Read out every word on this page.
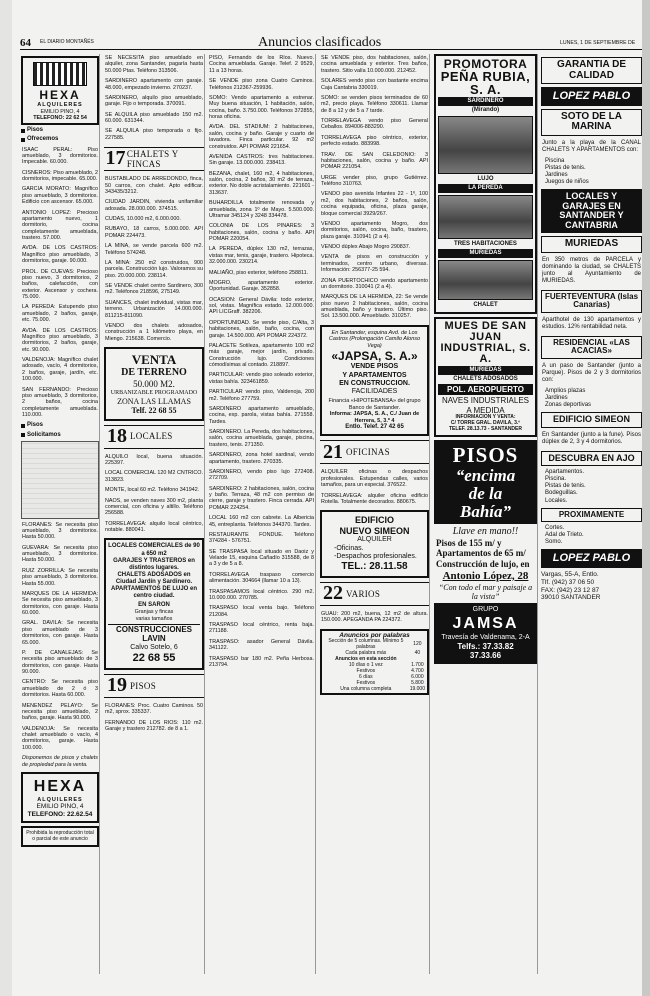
64 EL DIARIO MONTAÑÉS	Anuncios clasificados	LUNES, 1 DE SEPTIEMBRE DE
HEXA
ALQUILERES
EMILIO PINO, 4
TELEFONO: 22 62 54
Pisos
Ofrecemos
ISAAC PERAL: Piso amueblado, 3 dormitorios. Impecable. 60.000.
CISNEROS: Piso amueblado, 2 dormitorios, impecable. 65.000.
GARCIA MORATO: Magnífico piso amueblado, 3 dormitorios. Edificio con ascensor. 65.000.
ANTONIO LOPEZ: Precioso apartamento nuevo, 1 dormitorio, cocina completamente amueblada, trastero. 57.000.
AVDA. DE LOS CASTROS: Magnífico piso amueblado, 3 dormitorios, garaje. 90.000.
PROL. DE CUEVAS: Precioso piso nuevo, 3 dormitorios, 2 baños, calefacción, con exterior. Ascensor y cochera. 75.000.
LA PEREDA: Estupendo piso amueblado, 2 baños, garaje, etc. 75.000.
AVDA. DE LOS CASTROS: Magnífico piso amueblado, 3 dormitorios, 2 baños, garaje, etc. 90.000.
VALDENOJA: Magnífico chalet adosado, vacío, 4 dormitorios, 2 baños, garaje, jardín, etc. 100.000.
SAN FERNANDO: Precioso piso amueblado, 3 dormitorios, 2 baños, cocina completamente amueblada. 110.000.
Pisos
Solicitamos
FLORANES: Se necesita piso amueblado, 3 dormitorios. Hasta 50.000.
GUEVARA: Se necesita piso amueblado, 3 dormitorios. Hasta 50.000.
RUIZ ZORRILLA: Se necesita piso amueblado, 3 dormitorios. Hasta 55.000.
MARQUES DE LA HERMIDA: Se necesita piso amueblado, 3 dormitorios, con garaje. Hasta 60.000.
GRAL. DAVILA: Se necesita piso amueblado de 3 dormitorios, con garaje. Hasta 65.000.
P. DE CANALEJAS: Se necesita piso amueblado de 3 dormitorios, con garaje. Hasta 90.000.
CENTRO: Se necesita piso amueblado de 2 ó 3 dormitorios. Hasta 60.000.
MENENDEZ PELAYO: Se necesita piso amueblado, 2 baños, garaje. Hasta 90.000.
VALDENOJA: Se necesita chalet amueblado o vacío, 4 dormitorios, garaje. Hasta 100.000.
Disponemos de pisos y chalets de propiedad para la venta.
HEXA
ALQUILERES
EMILIO PINO, 4
TELEFONO: 22.62.54
Prohibida la reproducción total o parcial de este anuncio
SE NECESITA piso amueblado en alquiler, zona Santander, pagaría hasta 50.000 Ptas. Teléfono 313506.
SARDINERO apartamento con garaje. 48.000, empezado invierno. 270237.
SARDINERO, alquilo piso amueblado, garaje. Fijo o temporada. 370091.
SE ALQUILA piso amueblado 150 m2. 60.000. 631344.
SE ALQUILA piso temporada o fijo. 227585.
17 CHALETS Y FINCAS
BUSTABLADO DE ARREDONDO, finca, 50 carros, con chalet. Apto edificar. 343435/3212.
CIUDAD JARDIN, vivienda unifamiliar adosada. 28.000.000. 374515.
CUDAS, 10.000 m2, 6.000.000.
RUBAYO, 18 carros, 5.000.000. API POMAR 224473.
LA MINA, se vende parcela 600 m2. Teléfono 574248.
LA MINA: 250 m2 construidos, 900 parcela. Construcción lujo. Valoramos su piso. 20.000.000. 238114.
SE VENDE chalet centro Sardinero, 300 m2. Teléfonos 218596, 275149.
SUANCES, chalet individual, vistas mar, terreno. Urbanización 14.000.000. 811215-811090.
VENDO dos chalets adosados, construcción a 1 kilómetro playa, en Miengo. 215638. Comercio.
VENTA
DE TERRENO
50.000 M2.
URBANIZABLE PROGRAMADO
ZONA LAS LLAMAS
Telf. 22 68 55
18 LOCALES
ALQUILO local, buena situación. 225397.
LOCAL COMERCIAL 120 M2 CNTRICO. 313823.
MONTE, local 60 m2. Teléfono 341942.
NAOS, se venden naves 300 m2, planta comercial, con oficina y altillo. Teléfono 256588.
TORRELAVEGA: alquilo local céntrico, notable. 880041.
LOCALES COMERCIALES de 90 a 650 m2
GARAJES Y TRASTEROS en distintos lugares.
CHALETS ADOSADOS en Ciudad Jardín y Sardinero.
APARTAMENTOS DE LUJO en centro ciudad.
EN SARON
Granjas y fincas
varias tamaños
CONSTRUCCIONES LAVIN
Calvo Sotelo, 6
22 68 55
19 PISOS
FLORANES: Proc. Cuatro Caminos. 50 m2, sprox. 335337.
FERNANDO DE LOS RIOS: 110 m2. Garaje y trastero 212782. de 8 a 1.
PISO, Fernando de los Ríos. Nuevo. Cocina amueblada. Garaje. Telef. 2 9529, 11 a 13 horas.
SE VENDE piso zona Cuatro Caminos. Teléfonos 212367-259936.
SOMO: Vendo apartamento a estrenar. Muy buena situación, 1 habitación, salón, cocina, baño. 3.750.000. Teléfonos 372855, horas oficina.
AVDA. DEL STADIUM: 2 habitaciones, salón, cocina y baño. Garaje y cuarto de lavadora. Finca particular. 92 m2 construidos. API POMAR 221654.
AVENIDA CASTROS: tres habitaciones. Sin garaje. 13.000.000. 238413.
BEZANA, chalet, 160 m2, 4 habitaciones, salón, cocina, 2 baños, 30 m2 de terraza, exterior. No doble acristalamiento. 221601 - 313637.
BUHARDILLA totalmente renovada y amueblada, zona 1º de Mayo. 5.500.000. Ultramar 345124 y 3248 334478.
COLONIA DE LOS PINARES: 3 habitaciones, salón, cocina y baño. API POMAR 220054.
LA PEREDA, dúplex 130 m2, terrazas, vistas mar, tenis, garaje, trastero. Hipoteca. 32.000.000. 230214.
MALIAÑO, piso exterior, teléfono 258811.
MOGRO, apartamento exterior. Oportunidad. Garaje. 352858.
OCASION: General Dávila: todo exterior, sol, vistas. Magnífica estado. 12.000.000. API LICGraff. 382206.
OPORTUNIDAD. Se vende piso, C/Alta, 3 habitaciones, salón, baño, cocina, con garaje. 14.500.000. API POMAR 224372.
PALACETE Sotileza, apartamento 100 m2 más garaje, mejor jardín, privado. Construcción lujo. Condiciones cómodísimas al contado. 218897.
PARTICULAR: vendo piso soleado exterior, vistas bahía. 323461859.
PARTICULAR vendo piso, Valdenoja, 200 m2. Teléfono 277759.
SARDINERO apartamento amueblado, cocina, exp. parola, vistas bahía. 271558. Tardes.
SARDINERO. La Pereda, dos habitaciones, salón, cocina amueblada, garaje, piscina, trastero, tenis. 271350.
SARDINERO, zona hotel sardinal, vendo apartamento, trastero. 270335.
SARDINERO, vendo piso lujo 272408. 272709.
SARDINERO: 2 habitaciones, salón, cocina y baño. Terraza, 48 m2 con permiso de cierre, garaje y trastero. Finca cerrada. API POMAR 224254.
LOCAL 160 m2 con cabrete. La Albericia 45, entreplanta. Teléfonos 344370. Tardes.
RESTAURANTE FONDUE. Teléfono 374284 - 576751.
SE TRASPASA local situado en Daoiz y Velarde 15, esquina Cañadío 315588, de 8 a 3 y de 5 a 8.
TORRELAVEGA traspaso comercio alimentación. 304664 (llamar 10 a 13).
TRASPASAMOS local céntrico. 290 m2. 10.000.000. 270785.
TRASPASO local venta bajo. Teléfono 212084.
TRASPASO local céntrico, renta baja. 271188.
TRASPASO: asador General Dávila. 341122.
TRASPASO bar 180 m2. Peña Herbosa. 213794.
SE VENDE piso, dos habitaciones, salón, cocina amueblada y exterior. Tres baños, trastero. Sitio valía 10.000.000. 212452.
SOLARES vendo piso con bastante encima Caja Cantabria 330019.
SOMO: se venden pisos terminados de 60 m2, precio playa. Teléfono 330611. Llamar de 8 a 12 y de 5 a 7 tarde.
TORRELAVEGA vendo piso General Ceballos. 894006-883290.
TORRELAVEGA piso céntrico, exterior, perfecto estado. 883998.
TRAV. DE SAN CELEDONIO: 3 habitaciones, salón, cocina y baño. API POMAR 221054.
URGE vender piso, grupo Gutiérrez. Teléfono 310763.
VENDO piso avenida Infantes 22 - 1º, 100 m2, dos habitaciones, 2 baños, salón, cocina equipada, oficina, plaza garaje, bloque comercial 3929/267.
VENDO apartamento Mogro, dos dormitorios, salón, cocina, baño, trastero, plaza garaje. 310941 (2 a 4).
VENDO dúplex Abajo Mogro 290837.
VENTA de pisos en construcción y terminados, centro urbano, diversas. Información: 256377-25 594.
ZONA PUERTOCHICO vendo apartamento un dormitorio. 310041 (2 a 4).
MARQUES DE LA HERMIDA, 22: Se vende piso nuevo 2 habitaciones, salón, cocina amueblada, baño y trastero. Último piso. Sol. 13.500.000. Amueblado. 310257.
En Santander, esquina Avd. de Los Castros (Prolongación Camilo Alonso Vega)
«JAPSA, S. A.»
VENDE PISOS
Y APARTAMENTOS
EN CONSTRUCCION.
FACILIDADES
Financia «HIPOTEBANSA» del grupo Banco de Santander.
Informa: JAPSA, S. A., C./ Juan de Herrera, 5, 3.º 4
Entlo. Telef. 27 42 65
21 OFICINAS
ALQUILER oficinas o despachos profesionales. Estupendas calles, varios tamaños, para un especial. 376522.
TORRELAVEGA: alquiler oficina edificio Rotella. Totalmente decorados. 880675.
EDIFICIO
NUEVO SIMEON
ALQUILER
-Oficinas.
-Despachos profesionales.
TEL.: 28.11.58
22 VARIOS
GUAU: 200 m2, buena, 12 m2 de altura. 150.000. APEGANDA PA 224372.
Anuncios por palabras
Sección de 5 columnas. Mínimo 5 palabras	120
Cada palabra más	40
Anuncios en esta sección	
10 días o 1 vez	1.700
Festivos	4.700
6 días	6.000
Festivos	5.800
Una columna completa	19.000
PROMOTORA
PEÑA RUBIA, S. A.
SARDINERO
(Mirando)
LUJO
LA PEREDA
TRES HABITACIONES
MURIEDAS
CHALET
MUES DE SAN JUAN INDUSTRIAL, S. A.
MURIEDAS
CHALETS ADOSADOS
POL. AEROPUERTO
NAVES INDUSTRIALES
A MEDIDA
INFORMACION Y VENTA:
C/ TORRE GRAL. DAVILA, 3.º
TELEF. 28.13.73 - SANTANDER
PISOS
“encima
de la
Bahía”
Llave en mano!!
Pisos de 155 m/ y
Apartamentos de 65 m/
Construcción de lujo, en
Antonio López, 28
“Con todo el mar y paisaje a la vista”
GRUPO
JAMSA
Travesía de Valdenama, 2-A
Telfs.: 37.33.82
37.33.66
GARANTIA DE CALIDAD
LOPEZ PABLO
SOTO DE LA MARINA
Junto a la playa de la CANAL CHALETS Y APARTAMENTOS con:
Piscina
Pistas de tenis.
Jardines
Juegos de niños
LOCALES Y GARAJES EN SANTANDER Y CANTABRIA
MURIEDAS
En 350 metros de PARCELA y dominando la ciudad, se CHALETS junto al Ayuntamiento de MURIEDAS.
FUERTEVENTURA (Islas Canarias)
Aparthotel de 130 apartamentos y estudios. 12% rentabilidad neta.
RESIDENCIAL «LAS ACACIAS»
A un paso de Santander (junto a Parque). Pisos de 2 y 3 dormitorios con:
Amplios plazas
Jardines
Zonas deportivas
EDIFICIO SIMEON
En Santander (junto a la fune). Pisos dúplex de 2, 3 y 4 dormitorios.
DESCUBRA EN AJO
Apartamentos.
Piscina.
Pistas de tenis.
Bodeguillas.
Locales.
PROXIMAMENTE
Cortes.
Adal de Trieto.
Somo.
LOPEZ PABLO
Vargas, 55-A, Entlo.
Tlf. (942) 37 06 50
FAX: (942) 23 12 87
39010 SANTANDER
